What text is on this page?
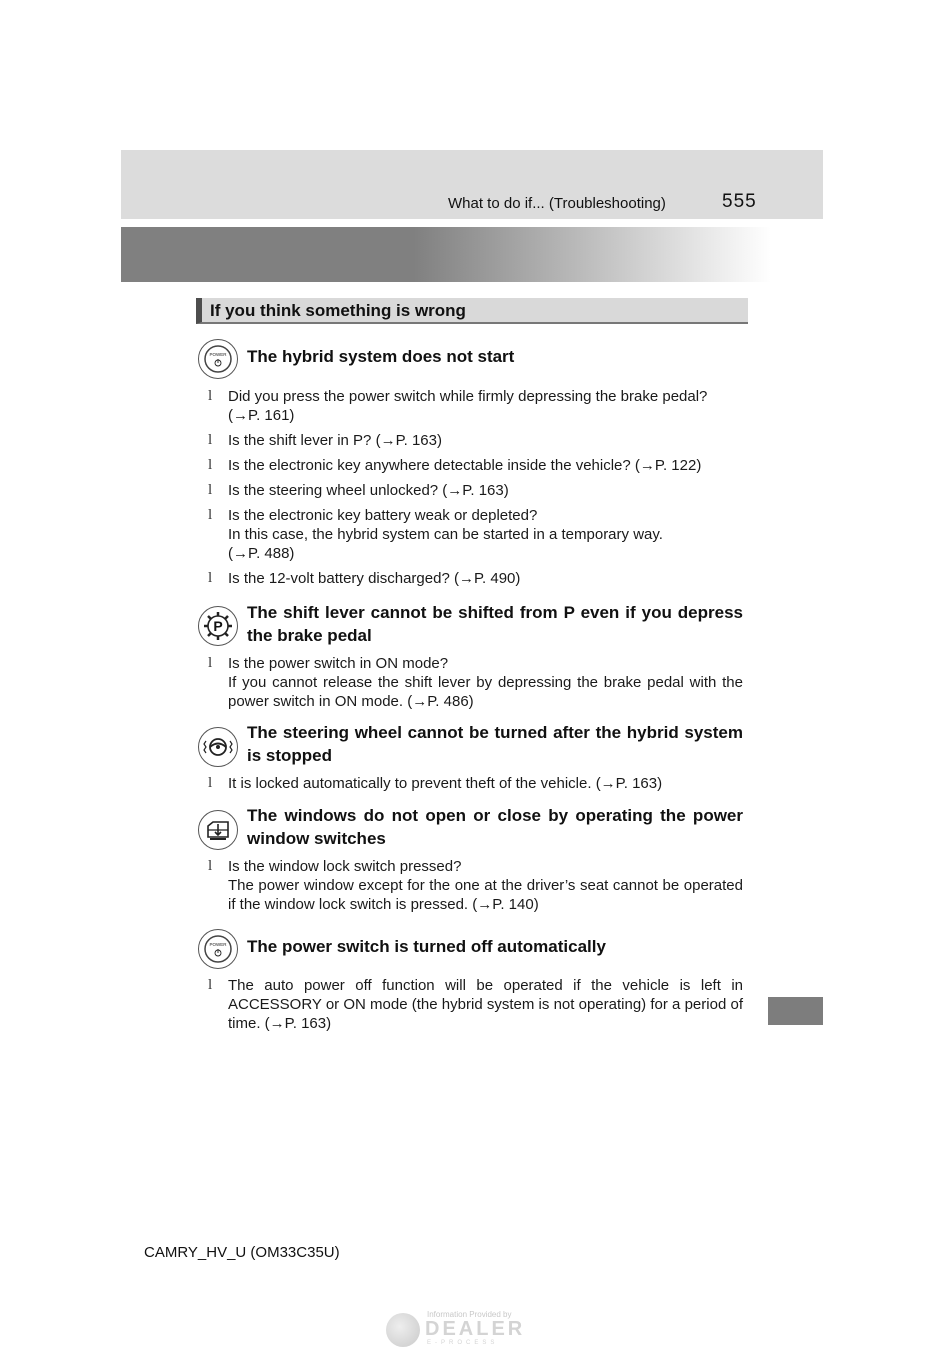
What to do if... (Troubleshooting)	555
If you think something is wrong
POWER The hybrid system does not start
l Did you press the power switch while firmly depressing the brake pedal?
(→P. 161)
l Is the shift lever in P? (→P. 163)
l Is the electronic key anywhere detectable inside the vehicle? (→P. 122)
l Is the steering wheel unlocked? (→P. 163)
l Is the electronic key battery weak or depleted?
In this case, the hybrid system can be started in a temporary way.
(→P. 488)
l Is the 12-volt battery discharged? (→P. 490)
P
The shift lever cannot be shifted from P even if you depress the brake pedal
l Is the power switch in ON mode?
If you cannot release the shift lever by depressing the brake pedal with the power switch in ON mode. (→P. 486)
The steering wheel cannot be turned after the hybrid system is stopped
l It is locked automatically to prevent theft of the vehicle. (→P. 163)
The windows do not open or close by operating the power window switches
l Is the window lock switch pressed?
The power window except for the one at the driver’s seat cannot be operated if the window lock switch is pressed. (→P. 140)
POWER The power switch is turned off automatically
l The auto power off function will be operated if the vehicle is left in ACCESSORY or ON mode (the hybrid system is not operating) for a period of time. (→P. 163)
CAMRY_HV_U (OM33C35U)
Information Provided by
DEALER
E-PROCESS
